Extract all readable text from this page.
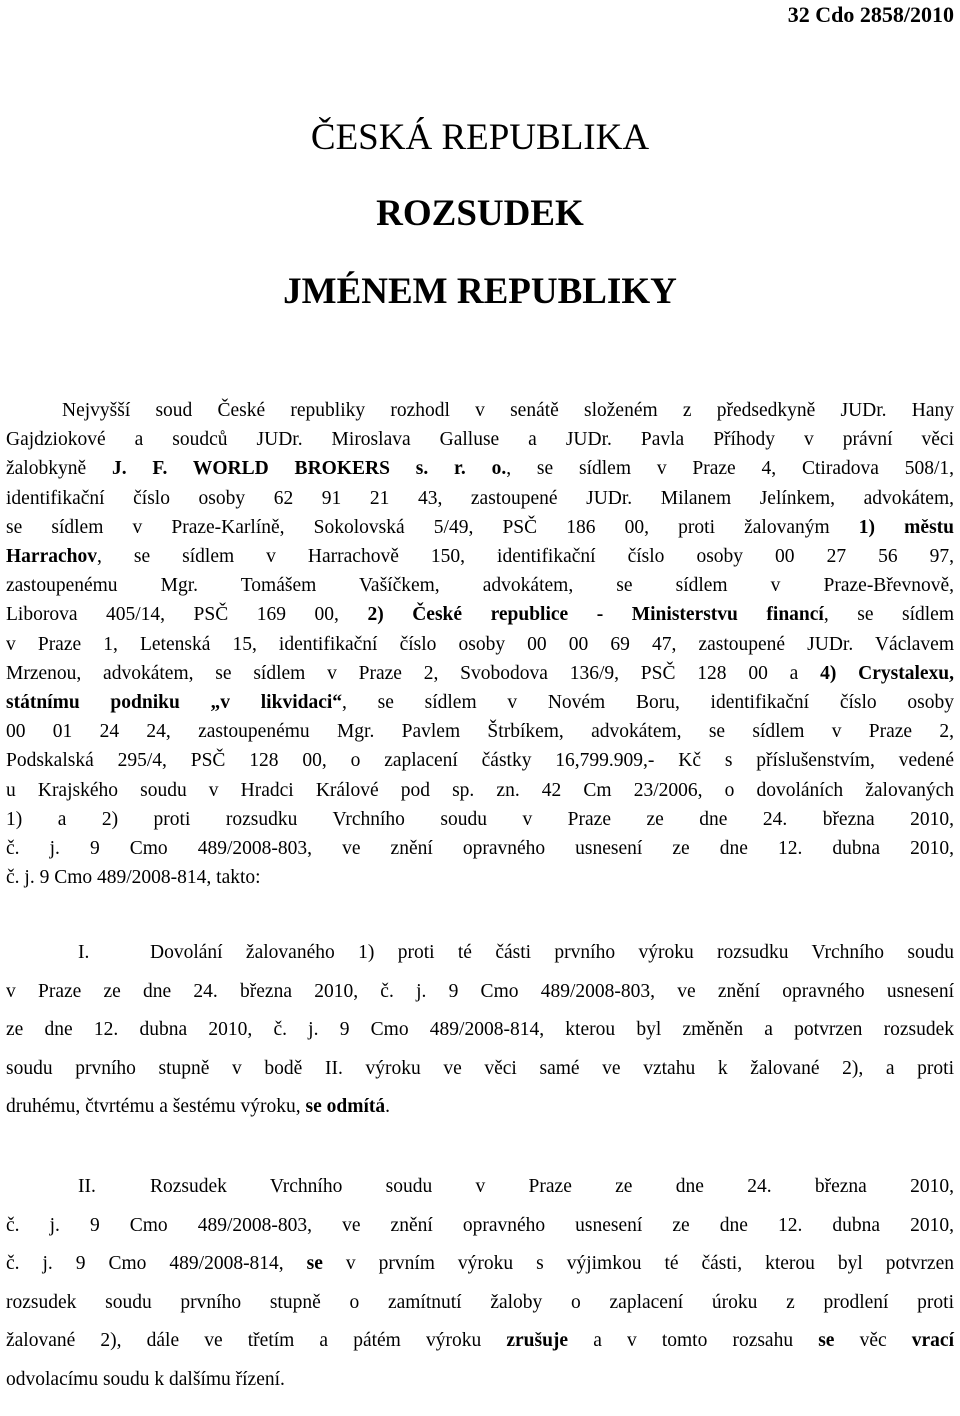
32 Cdo 2858/2010
ČESKÁ REPUBLIKA
ROZSUDEK
JMÉNEM REPUBLIKY
Nejvyšší soud České republiky rozhodl v senátě složeném z předsedkyně JUDr. Hany
Gajdziokové a soudců JUDr. Miroslava Galluse a JUDr. Pavla Příhody v právní věci
žalobkyně J. F. WORLD BROKERS s. r. o., se sídlem v Praze 4, Ctiradova 508/1,
identifikační číslo osoby 62 91 21 43, zastoupené JUDr. Milanem Jelínkem, advokátem,
se sídlem v Praze-Karlíně, Sokolovská 5/49, PSČ 186 00, proti žalovaným 1) městu
Harrachov, se sídlem v Harrachově 150, identifikační číslo osoby 00 27 56 97,
zastoupenému Mgr. Tomášem Vašíčkem, advokátem, se sídlem v Praze-Břevnově,
Liborova 405/14, PSČ 169 00, 2) České republice - Ministerstvu financí, se sídlem
v Praze 1, Letenská 15, identifikační číslo osoby 00 00 69 47, zastoupené JUDr. Václavem
Mrzenou, advokátem, se sídlem v Praze 2, Svobodova 136/9, PSČ 128 00 a 4) Crystalexu,
státnímu podniku „v likvidaci“, se sídlem v Novém Boru, identifikační číslo osoby
00 01 24 24, zastoupenému Mgr. Pavlem Štrbíkem, advokátem, se sídlem v Praze 2,
Podskalská 295/4, PSČ 128 00, o zaplacení částky 16,799.909,- Kč s příslušenstvím, vedené
u Krajského soudu v Hradci Králové pod sp. zn. 42 Cm 23/2006, o dovoláních žalovaných
1) a 2) proti rozsudku Vrchního soudu v Praze ze dne 24. března 2010,
č. j. 9 Cmo 489/2008-803, ve znění opravného usnesení ze dne 12. dubna 2010,
č. j. 9 Cmo 489/2008-814, takto:
I.	Dovolání žalovaného 1) proti té části prvního výroku rozsudku Vrchního soudu
v Praze ze dne 24. března 2010, č. j. 9 Cmo 489/2008-803, ve znění opravného usnesení
ze dne 12. dubna 2010, č. j. 9 Cmo 489/2008-814, kterou byl změněn a potvrzen rozsudek
soudu prvního stupně v bodě II. výroku ve věci samé ve vztahu k žalované 2), a proti
druhému, čtvrtému a šestému výroku, se odmítá.
II.	Rozsudek Vrchního soudu v Praze ze dne 24. března 2010,
č. j. 9 Cmo 489/2008-803, ve znění opravného usnesení ze dne 12. dubna 2010,
č. j. 9 Cmo 489/2008-814, se v prvním výroku s výjimkou té části, kterou byl potvrzen
rozsudek soudu prvního stupně o zamítnutí žaloby o zaplacení úroku z prodlení proti
žalované 2), dále ve třetím a pátém výroku zrušuje a v tomto rozsahu se věc vrací
odvolacímu soudu k dalšímu řízení.
